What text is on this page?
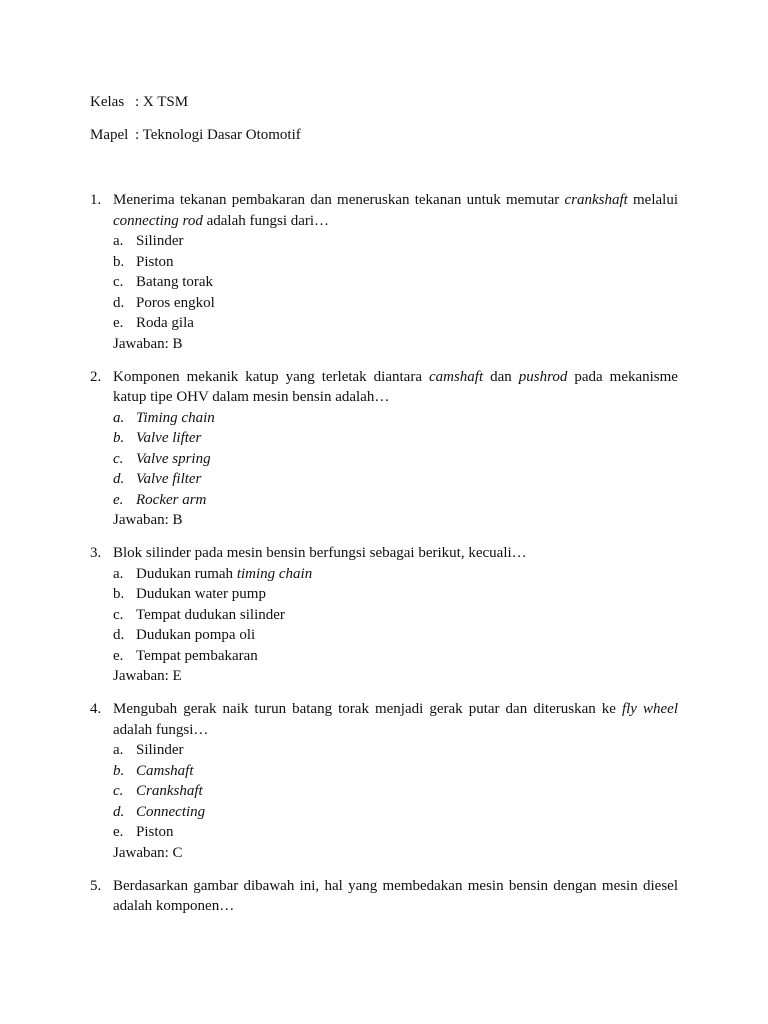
Kelas : X TSM
Mapel : Teknologi Dasar Otomotif
1. Menerima tekanan pembakaran dan meneruskan tekanan untuk memutar crankshaft melalui connecting rod adalah fungsi dari…
a. Silinder
b. Piston
c. Batang torak
d. Poros engkol
e. Roda gila
Jawaban: B
2. Komponen mekanik katup yang terletak diantara camshaft dan pushrod pada mekanisme katup tipe OHV dalam mesin bensin adalah…
a. Timing chain
b. Valve lifter
c. Valve spring
d. Valve filter
e. Rocker arm
Jawaban: B
3. Blok silinder pada mesin bensin berfungsi sebagai berikut, kecuali…
a. Dudukan rumah timing chain
b. Dudukan water pump
c. Tempat dudukan silinder
d. Dudukan pompa oli
e. Tempat pembakaran
Jawaban: E
4. Mengubah gerak naik turun batang torak menjadi gerak putar dan diteruskan ke fly wheel adalah fungsi…
a. Silinder
b. Camshaft
c. Crankshaft
d. Connecting
e. Piston
Jawaban: C
5. Berdasarkan gambar dibawah ini, hal yang membedakan mesin bensin dengan mesin diesel adalah komponen…
